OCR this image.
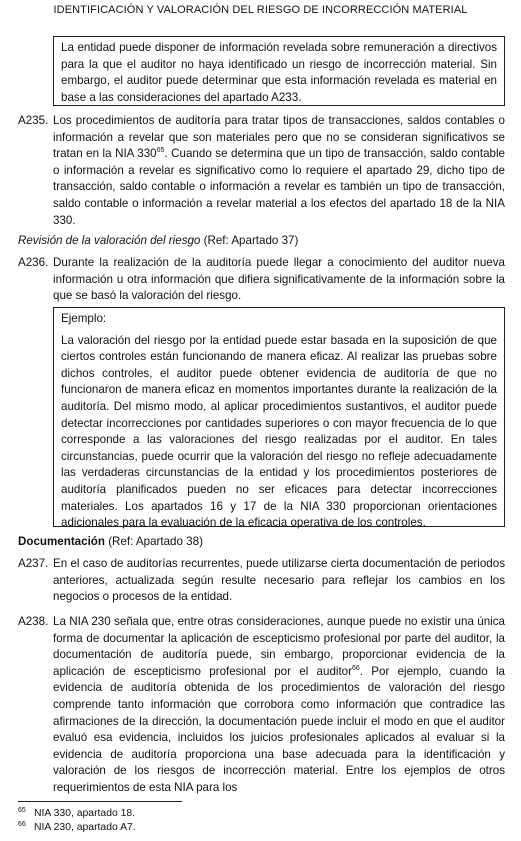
IDENTIFICACIÓN Y VALORACIÓN DEL RIESGO DE INCORRECCIÓN MATERIAL

La entidad puede disponer de información revelada sobre remuneración a directivos para la que el auditor no haya identificado un riesgo de incorrección material. Sin embargo, el auditor puede determinar que esta información revelada es material en base a las consideraciones del apartado A233.

A235. Los procedimientos de auditoría para tratar tipos de transacciones, saldos contables o información a revelar que son materiales pero que no se consideran significativos se tratan en la NIA $330^{65}$. Cuando se determina que un tipo de transacción, saldo contable o información a revelar es significativo como lo requiere el apartado 29, dicho tipo de transacción, saldo contable o información a revelar es también un tipo de transacción, saldo contable o información a revelar material a los efectos del apartado 18 de la NIA 330.
Revisión de la valoración del riesgo (Ref: Apartado 37)
A236. Durante la realización de la auditoría puede llegar a conocimiento del auditor nueva información u otra información que difiera significativamente de la información sobre la que se basó la valoración del riesgo.

Ejemplo:

La valoración del riesgo por la entidad puede estar basada en la suposición de que ciertos controles están funcionando de manera eficaz. Al realizar las pruebas sobre dichos controles, el auditor puede obtener evidencia de auditoría de que no funcionaron de manera eficaz en momentos importantes durante la realización de la auditoría. Del mismo modo, al aplicar procedimientos sustantivos, el auditor puede detectar incorrecciones por cantidades superiores o con mayor frecuencia de lo que corresponde a las valoraciones del riesgo realizadas por el auditor. En tales circunstancias, puede ocurrir que la valoración del riesgo no refleje adecuadamente las verdaderas circunstancias de la entidad y los procedimientos posteriores de auditoría planificados pueden no ser eficaces para detectar incorrecciones materiales. Los apartados 16 y 17 de la NIA 330 proporcionan orientaciones adicionales para la evaluación de la eficacia operativa de los controles.

Documentación (Ref: Apartado 38)
A237. En el caso de auditorías recurrentes, puede utilizarse cierta documentación de periodos anteriores, actualizada según resulte necesario para reflejar los cambios en los negocios o procesos de la entidad.
A238. La NIA 230 señala que, entre otras consideraciones, aunque puede no existir una única forma de documentar la aplicación de escepticismo profesional por parte del auditor, la documentación de auditoría puede, sin embargo, proporcionar evidencia de la aplicación de escepticismo profesional por el auditor$^{66}$. Por ejemplo, cuando la evidencia de auditoría obtenida de los procedimientos de valoración del riesgo comprende tanto información que corrobora como información que contradice las afirmaciones de la dirección, la documentación puede incluir el modo en que el auditor evaluó esa evidencia, incluidos los juicios profesionales aplicados al evaluar si la evidencia de auditoría proporciona una base adecuada para la identificación y valoración de los riesgos de incorrección material. Entre los ejemplos de otros requerimientos de esta NIA para los
65 NIA 330, apartado 18.
66 NIA 230, apartado A7.
